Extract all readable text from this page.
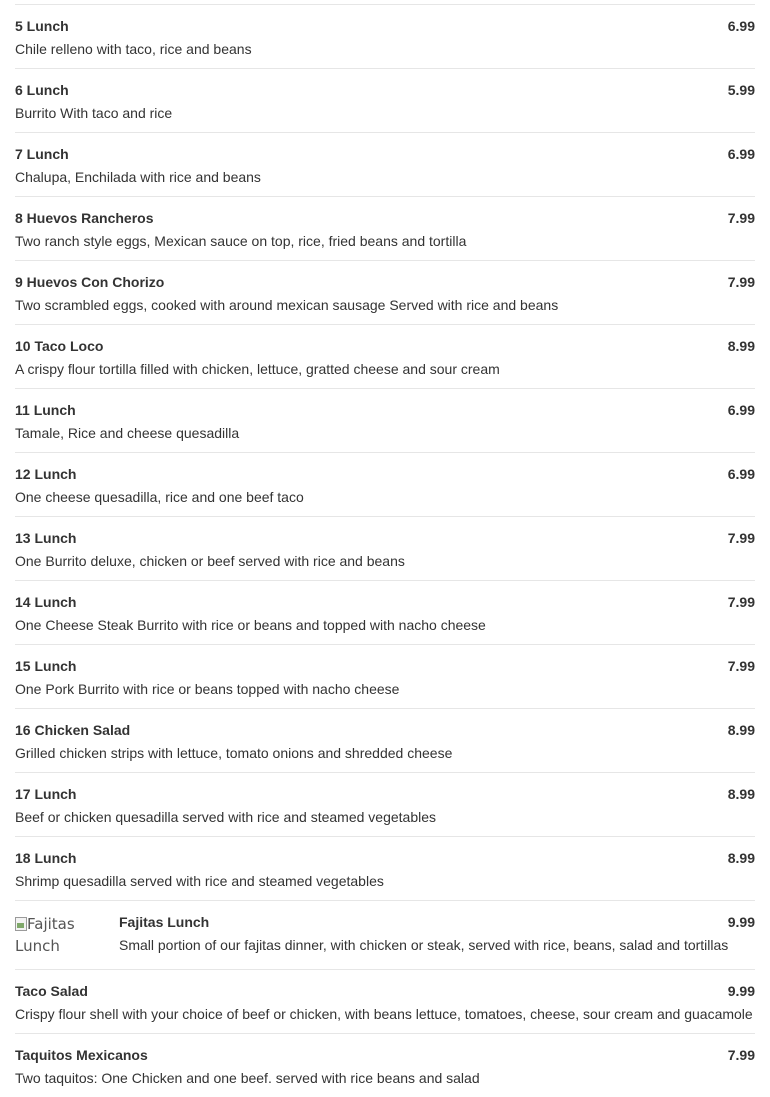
5 Lunch	6.99
Chile relleno with taco, rice and beans
6 Lunch	5.99
Burrito With taco and rice
7 Lunch	6.99
Chalupa, Enchilada with rice and beans
8 Huevos Rancheros	7.99
Two ranch style eggs, Mexican sauce on top, rice, fried beans and tortilla
9 Huevos Con Chorizo	7.99
Two scrambled eggs, cooked with around mexican sausage Served with rice and beans
10 Taco Loco	8.99
A crispy flour tortilla filled with chicken, lettuce, gratted cheese and sour cream
11 Lunch	6.99
Tamale, Rice and cheese quesadilla
12 Lunch	6.99
One cheese quesadilla, rice and one beef taco
13 Lunch	7.99
One Burrito deluxe, chicken or beef served with rice and beans
14 Lunch	7.99
One Cheese Steak Burrito with rice or beans and topped with nacho cheese
15 Lunch	7.99
One Pork Burrito with rice or beans topped with nacho cheese
16 Chicken Salad	8.99
Grilled chicken strips with lettuce, tomato onions and shredded cheese
17 Lunch	8.99
Beef or chicken quesadilla served with rice and steamed vegetables
18 Lunch	8.99
Shrimp quesadilla served with rice and steamed vegetables
Fajitas Lunch
Fajitas Lunch	9.99
Small portion of our fajitas dinner, with chicken or steak, served with rice, beans, salad and tortillas
Taco Salad	9.99
Crispy flour shell with your choice of beef or chicken, with beans lettuce, tomatoes, cheese, sour cream and guacamole
Taquitos Mexicanos	7.99
Two taquitos: One Chicken and one beef. served with rice beans and salad
